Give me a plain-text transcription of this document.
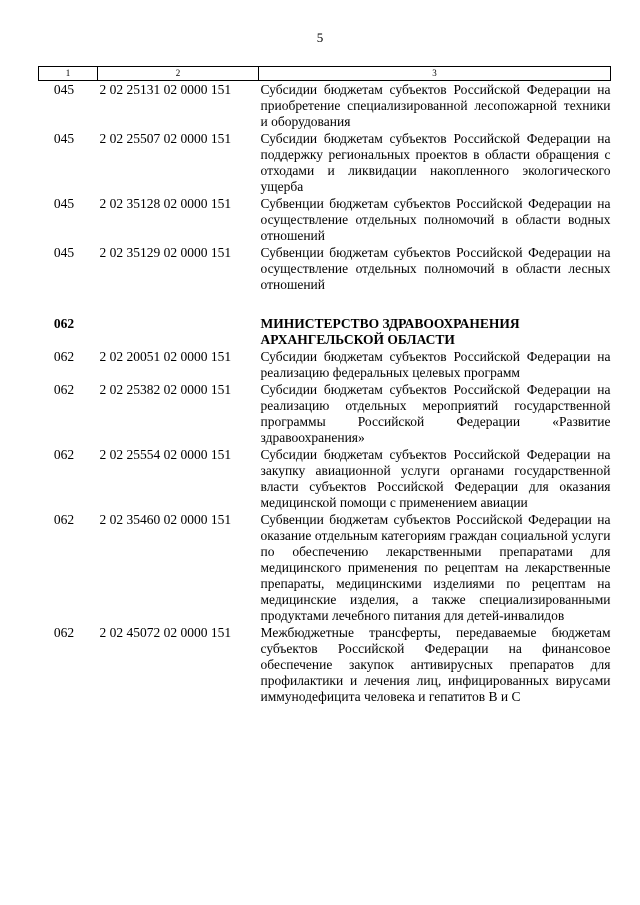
5
1	2	3
045	2 02 25131 02 0000 151	Субсидии бюджетам субъектов Российской Федерации на приобретение специализированной лесопожарной техники и оборудования
045	2 02 25507 02 0000 151	Субсидии бюджетам субъектов Российской Федерации на поддержку региональных проектов в области обращения с отходами и ликвидации накопленного экологического ущерба
045	2 02 35128 02 0000 151	Субвенции бюджетам субъектов Российской Федерации на осуществление отдельных полномочий в области водных отношений
045	2 02 35129 02 0000 151	Субвенции бюджетам субъектов Российской Федерации на осуществление отдельных полномочий в области лесных отношений

062		МИНИСТЕРСТВО ЗДРАВООХРАНЕНИЯ АРХАНГЕЛЬСКОЙ ОБЛАСТИ
062	2 02 20051 02 0000 151	Субсидии бюджетам субъектов Российской Федерации на реализацию федеральных целевых программ
062	2 02 25382 02 0000 151	Субсидии бюджетам субъектов Российской Федерации на реализацию отдельных мероприятий государственной программы Российской Федерации «Развитие здравоохранения»
062	2 02 25554 02 0000 151	Субсидии бюджетам субъектов Российской Федерации на закупку авиационной услуги органами государственной власти субъектов Российской Федерации для оказания медицинской помощи с применением авиации
062	2 02 35460 02 0000 151	Субвенции бюджетам субъектов Российской Федерации на оказание отдельным категориям граждан социальной услуги по обеспечению лекарственными препаратами для медицинского применения по рецептам на лекарственные препараты, медицинскими изделиями по рецептам на медицинские изделия, а также специализированными продуктами лечебного питания для детей-инвалидов
062	2 02 45072 02 0000 151	Межбюджетные трансферты, передаваемые бюджетам субъектов Российской Федерации на финансовое обеспечение закупок антивирусных препаратов для профилактики и лечения лиц, инфицированных вирусами иммунодефицита человека и гепатитов В и С
